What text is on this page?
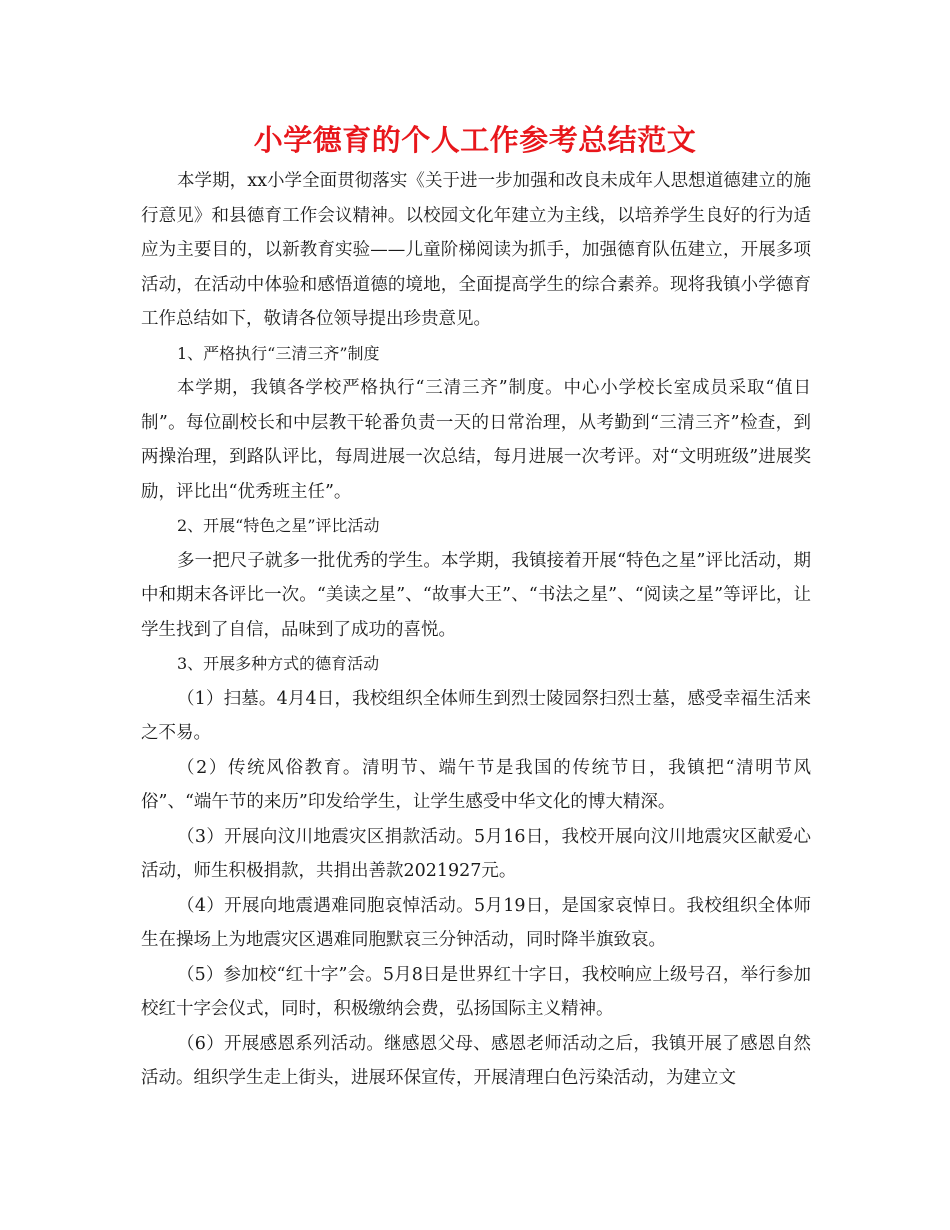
小学德育的个人工作参考总结范文

本学期，xx小学全面贯彻落实《关于进一步加强和改良未成年人思想道德建立的施行意见》和县德育工作会议精神。以校园文化年建立为主线，以培养学生良好的行为适应为主要目的，以新教育实验——儿童阶梯阅读为抓手，加强德育队伍建立，开展多项活动，在活动中体验和感悟道德的境地，全面提高学生的综合素养。现将我镇小学德育工作总结如下，敬请各位领导提出珍贵意见。

1、严格执行“三清三齐”制度

本学期，我镇各学校严格执行“三清三齐”制度。中心小学校长室成员采取“值日制”。每位副校长和中层教干轮番负责一天的日常治理，从考勤到“三清三齐”检查，到两操治理，到路队评比，每周进展一次总结，每月进展一次考评。对“文明班级”进展奖励，评比出“优秀班主任”。

2、开展“特色之星”评比活动

多一把尺子就多一批优秀的学生。本学期，我镇接着开展“特色之星”评比活动，期中和期末各评比一次。“美读之星”、“故事大王”、“书法之星”、“阅读之星”等评比，让学生找到了自信，品味到了成功的喜悦。

3、开展多种方式的德育活动

（1）扫墓。4月4日，我校组织全体师生到烈士陵园祭扫烈士墓，感受幸福生活来之不易。

（2）传统风俗教育。清明节、端午节是我国的传统节日，我镇把“清明节风俗”、“端午节的来历”印发给学生，让学生感受中华文化的博大精深。

（3）开展向汶川地震灾区捐款活动。5月16日，我校开展向汶川地震灾区献爱心活动，师生积极捐款，共捐出善款2021927元。

（4）开展向地震遇难同胞哀悼活动。5月19日，是国家哀悼日。我校组织全体师生在操场上为地震灾区遇难同胞默哀三分钟活动，同时降半旗致哀。

（5）参加校“红十字”会。5月8日是世界红十字日，我校响应上级号召，举行参加校红十字会仪式，同时，积极缴纳会费，弘扬国际主义精神。

（6）开展感恩系列活动。继感恩父母、感恩老师活动之后，我镇开展了感恩自然活动。组织学生走上街头，进展环保宣传，开展清理白色污染活动，为建立文
